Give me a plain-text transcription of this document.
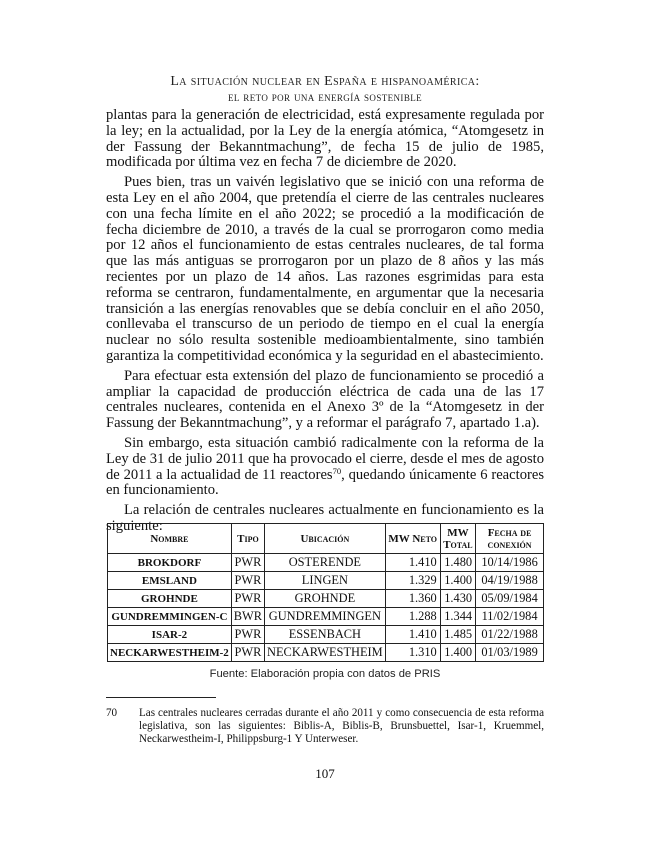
La situación nuclear en España e hispanoamérica:
el reto por una energía sostenible

plantas para la generación de electricidad, está expresamente regulada por la ley; en la actualidad, por la Ley de la energía atómica, “Atomgesetz in der Fassung der Bekanntmachung”, de fecha 15 de julio de 1985, modificada por última vez en fecha 7 de diciembre de 2020.

Pues bien, tras un vaivén legislativo que se inició con una reforma de esta Ley en el año 2004, que pretendía el cierre de las centrales nucleares con una fecha límite en el año 2022; se procedió a la modificación de fecha diciembre de 2010, a través de la cual se prorrogaron como media por 12 años el funcionamiento de estas centrales nucleares, de tal forma que las más antiguas se prorrogaron por un plazo de 8 años y las más recientes por un plazo de 14 años. Las razones esgrimidas para esta reforma se centraron, fundamentalmente, en argumentar que la necesaria transición a las energías renovables que se debía concluir en el año 2050, conllevaba el transcurso de un periodo de tiempo en el cual la energía nuclear no sólo resulta sostenible medioambientalmente, sino también garantiza la competitividad económica y la seguridad en el abastecimiento.

Para efectuar esta extensión del plazo de funcionamiento se procedió a ampliar la capacidad de producción eléctrica de cada una de las 17 centrales nucleares, contenida en el Anexo 3º de la “Atomgesetz in der Fassung der Bekanntmachung”, y a reformar el parágrafo 7, apartado 1.a).

Sin embargo, esta situación cambió radicalmente con la reforma de la Ley de 31 de julio 2011 que ha provocado el cierre, desde el mes de agosto de 2011 a la actualidad de 11 reactores$^{70}$, quedando únicamente 6 reactores en funcionamiento.

La relación de centrales nucleares actualmente en funcionamiento es la siguiente:

Nombre	Tipo	Ubicación	MW Neto	MW
Total	Fecha de
conexión
BROKDORF	PWR	OSTERENDE	1.410	1.480	10/14/1986
EMSLAND	PWR	LINGEN	1.329	1.400	04/19/1988
GROHNDE	PWR	GROHNDE	1.360	1.430	05/09/1984
GUNDREMMINGEN-C	BWR	GUNDREMMINGEN	1.288	1.344	11/02/1984
ISAR-2	PWR	ESSENBACH	1.410	1.485	01/22/1988
NECKARWESTHEIM-2	PWR	NECKARWESTHEIM	1.310	1.400	01/03/1989
Fuente: Elaboración propia con datos de PRIS
70 Las centrales nucleares cerradas durante el año 2011 y como consecuencia de esta reforma legislativa, son las siguientes: Biblis-A, Biblis-B, Brunsbuettel, Isar-1, Kruemmel, Neckarwestheim-I, Philippsburg-1 Y Unterweser.
107
